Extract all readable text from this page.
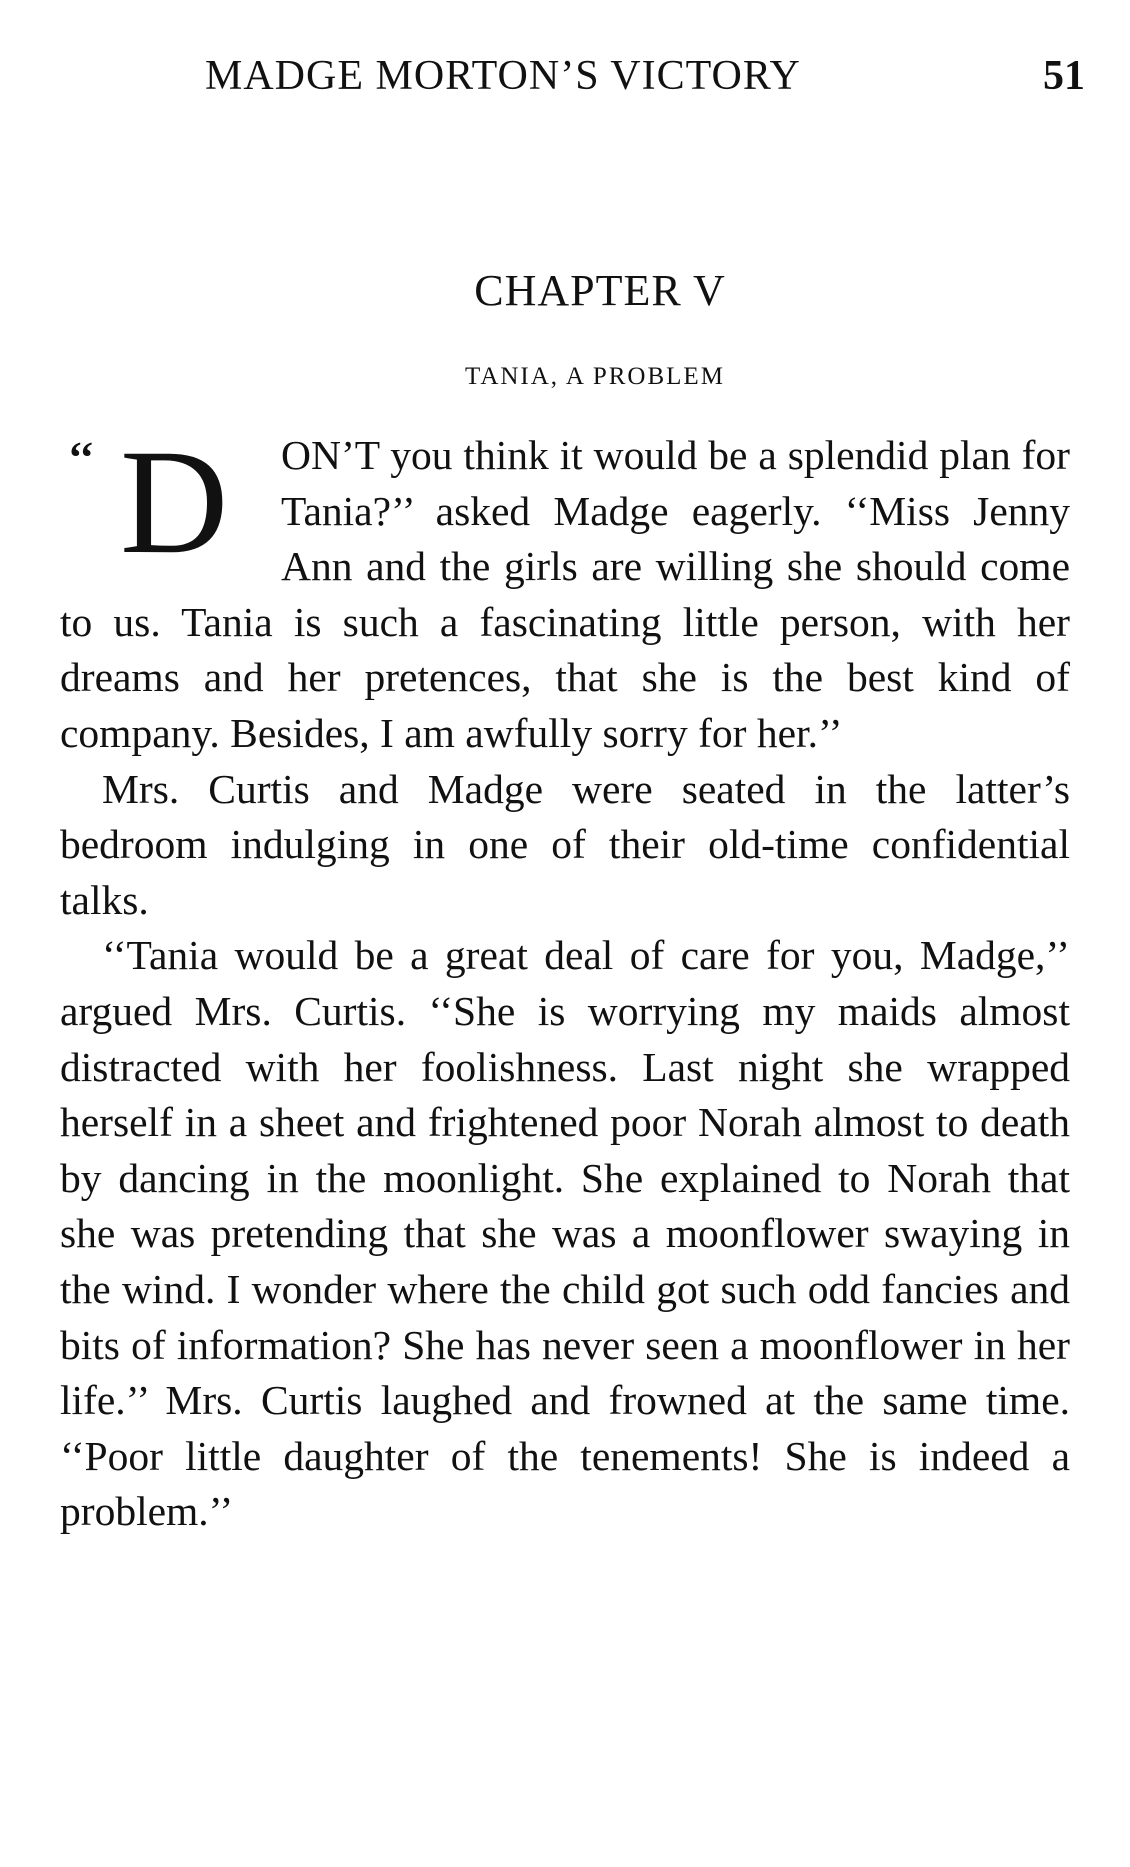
MADGE MORTON’S VICTORY	51
CHAPTER V
TANIA, A PROBLEM

‘‘ D ON’T you think it would be a splendid plan for Tania?’’ asked Madge eagerly. ‘‘Miss Jenny Ann and the girls are willing she should come to us. Tania is such a fascinating little person, with her dreams and her pretences, that she is the best kind of company. Besides, I am awfully sorry for her.’’

Mrs. Curtis and Madge were seated in the latter’s bedroom indulging in one of their old-time confidential talks.

‘‘Tania would be a great deal of care for you, Madge,’’ argued Mrs. Curtis. ‘‘She is worrying my maids almost distracted with her foolishness. Last night she wrapped herself in a sheet and frightened poor Norah almost to death by dancing in the moonlight. She explained to Norah that she was pretending that she was a moonflower swaying in the wind. I wonder where the child got such odd fancies and bits of information? She has never seen a moonflower in her life.’’ Mrs. Curtis laughed and frowned at the same time. ‘‘Poor little daughter of the tenements! She is indeed a problem.’’
